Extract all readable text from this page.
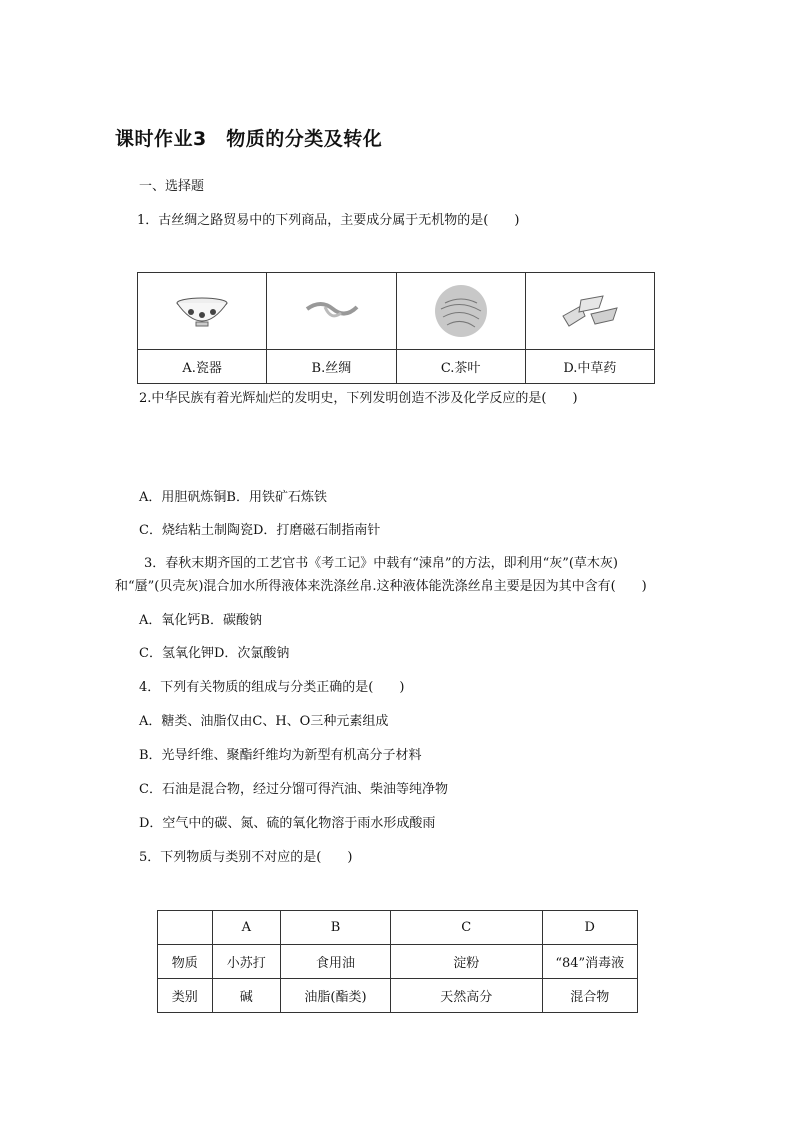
课时作业3　物质的分类及转化
一、选择题
1．古丝绸之路贸易中的下列商品，主要成分属于无机物的是(　　)

A.瓷器	B.丝绸	C.茶叶	D.中草药
2.中华民族有着光辉灿烂的发明史，下列发明创造不涉及化学反应的是(　　)
A．用胆矾炼铜B．用铁矿石炼铁
C．烧结粘土制陶瓷D．打磨磁石制指南针
3．春秋末期齐国的工艺官书《考工记》中载有“涑帛”的方法，即利用“灰”(草木灰)
和“蜃”(贝壳灰)混合加水所得液体来洗涤丝帛.这种液体能洗涤丝帛主要是因为其中含有(　　)
A．氧化钙B．碳酸钠
C．氢氧化钾D．次氯酸钠
4．下列有关物质的组成与分类正确的是(　　)
A．糖类、油脂仅由C、H、O三种元素组成
B．光导纤维、聚酯纤维均为新型有机高分子材料
C．石油是混合物，经过分馏可得汽油、柴油等纯净物
D．空气中的碳、氮、硫的氧化物溶于雨水形成酸雨
5．下列物质与类别不对应的是(　　)
	A	B	C	D
物质	小苏打	食用油	淀粉	“84”消毒液
类别	碱	油脂(酯类)	天然高分	混合物
